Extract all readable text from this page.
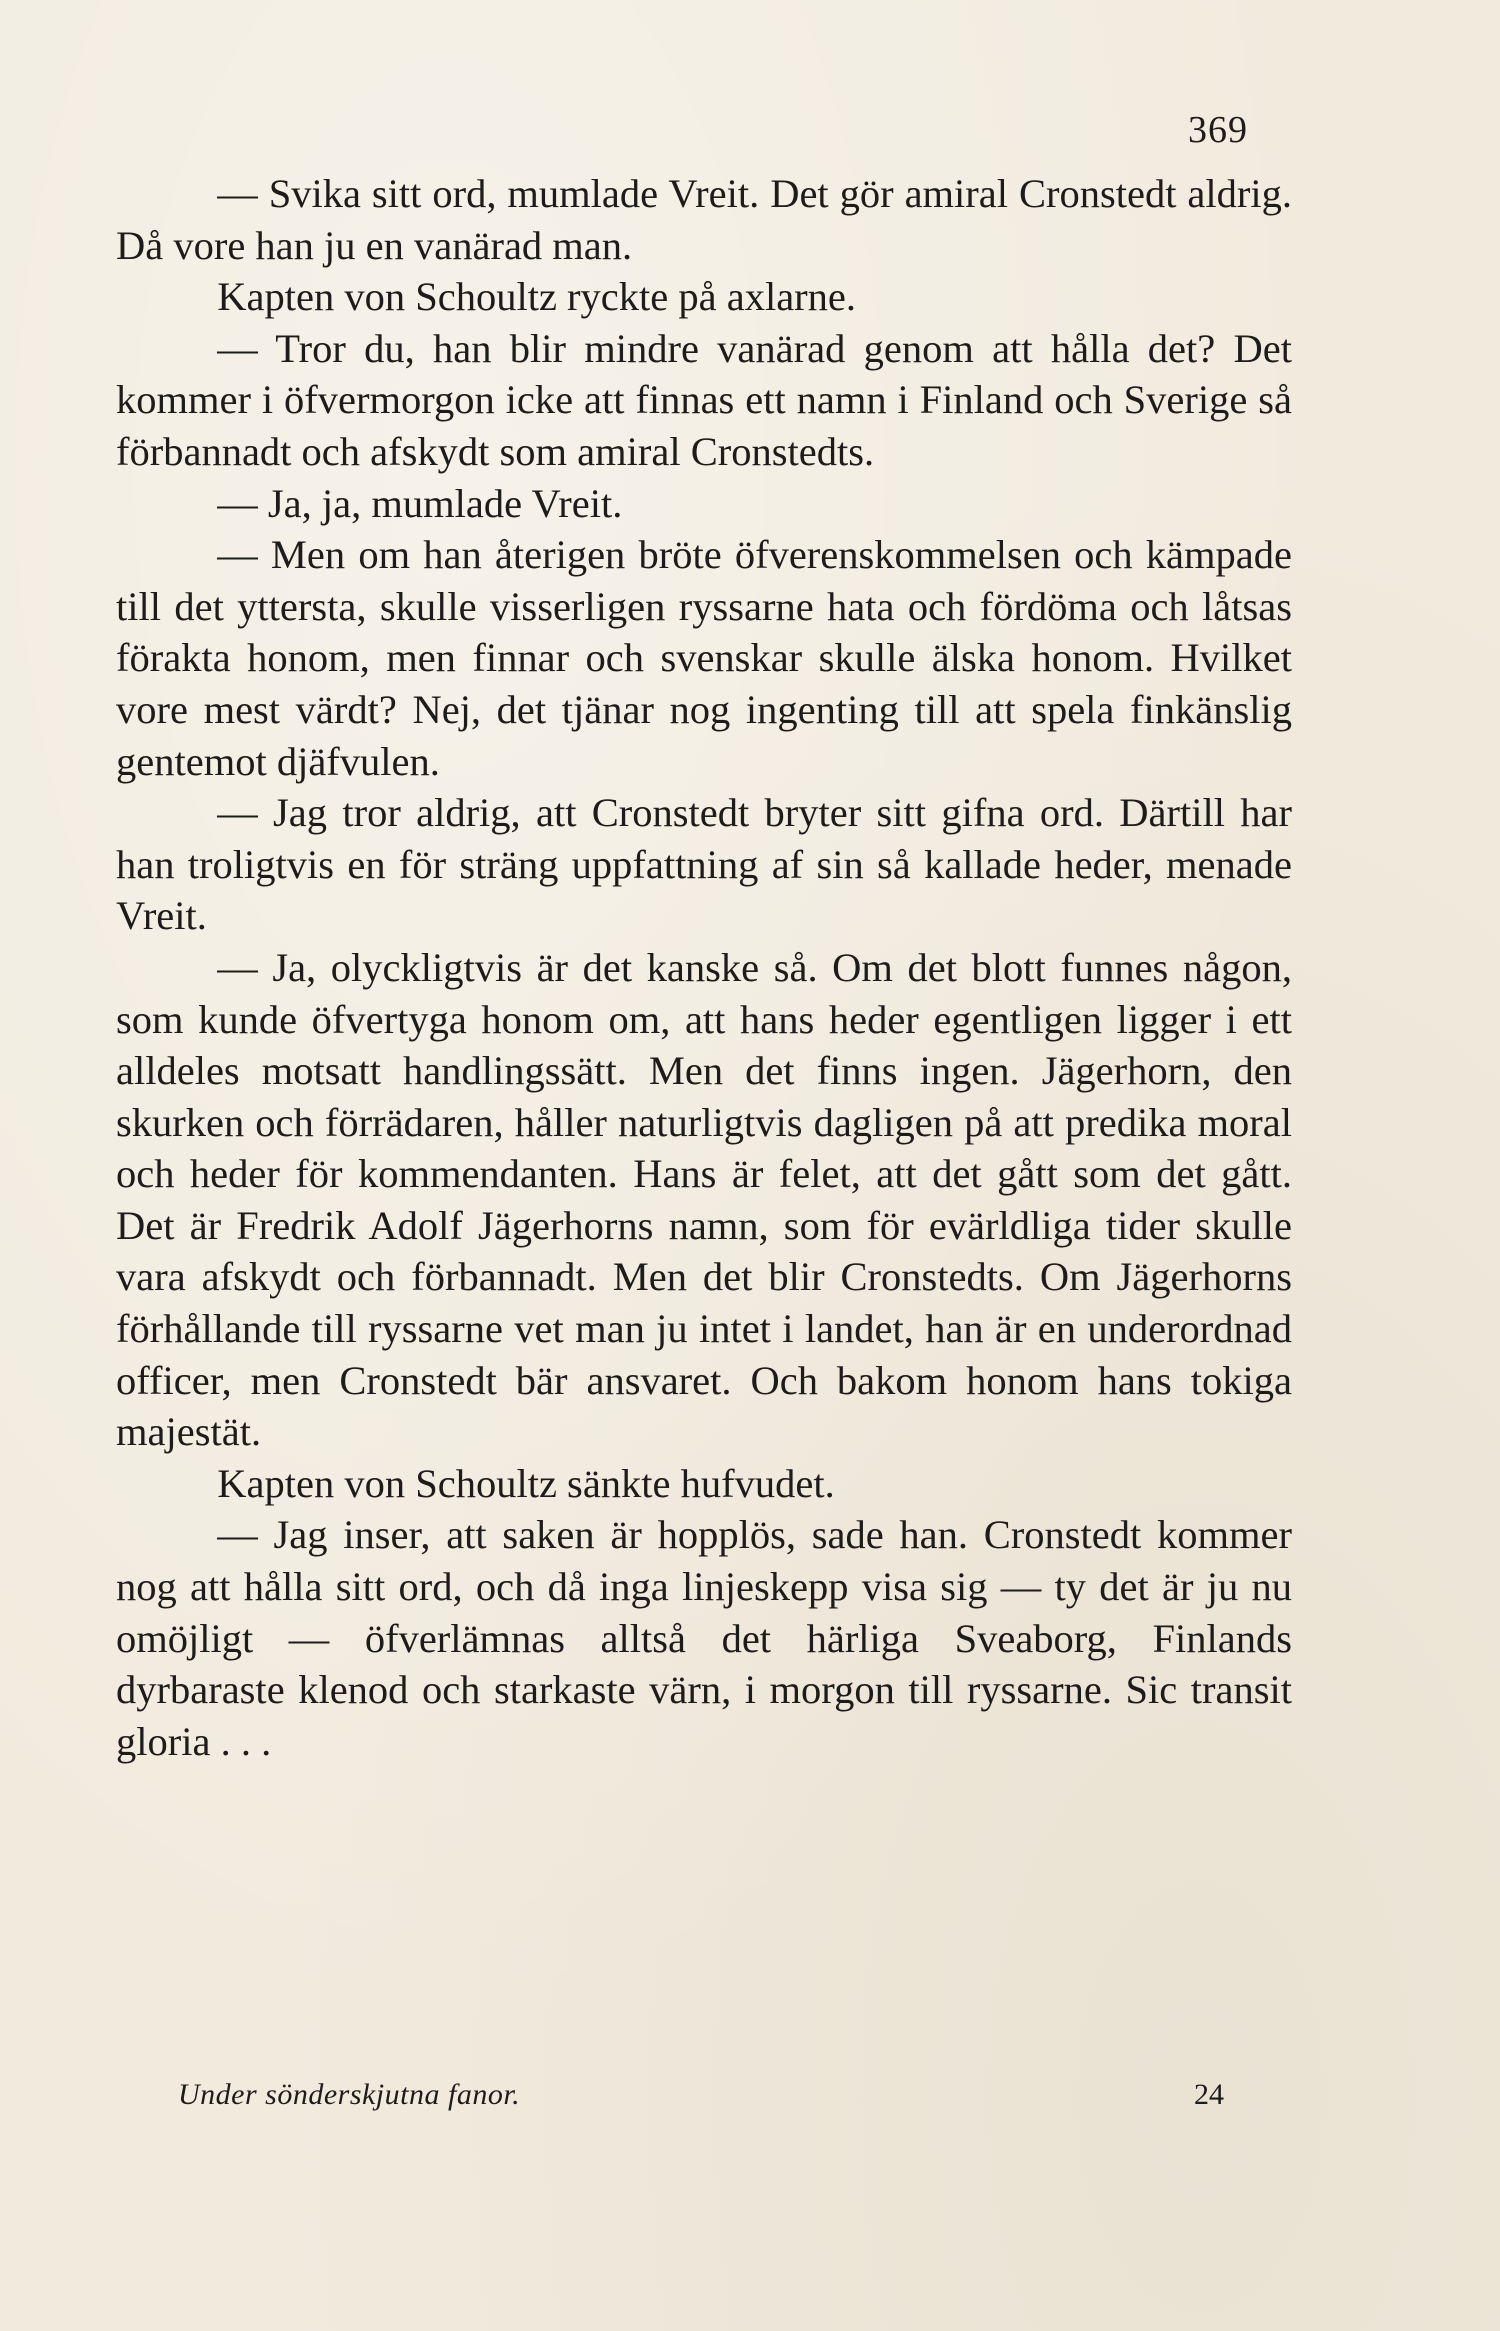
369

— Svika sitt ord, mumlade Vreit. Det gör amiral Cronstedt aldrig. Då vore han ju en vanärad man.

Kapten von Schoultz ryckte på axlarne.

— Tror du, han blir mindre vanärad genom att hålla det? Det kommer i öfvermorgon icke att finnas ett namn i Finland och Sverige så förbannadt och afskydt som amiral Cronstedts.

— Ja, ja, mumlade Vreit.

— Men om han återigen bröte öfverenskommelsen och kämpade till det yttersta, skulle visserligen ryssarne hata och fördöma och låtsas förakta honom, men finnar och svenskar skulle älska honom. Hvilket vore mest värdt? Nej, det tjänar nog ingenting till att spela finkänslig gentemot djäfvulen.

— Jag tror aldrig, att Cronstedt bryter sitt gifna ord. Därtill har han troligtvis en för sträng uppfattning af sin så kallade heder, menade Vreit.

— Ja, olyckligtvis är det kanske så. Om det blott funnes någon, som kunde öfvertyga honom om, att hans heder egentligen ligger i ett alldeles motsatt handlingssätt. Men det finns ingen. Jägerhorn, den skurken och förrädaren, håller naturligtvis dagligen på att predika moral och heder för kommendanten. Hans är felet, att det gått som det gått. Det är Fredrik Adolf Jägerhorns namn, som för evärldliga tider skulle vara afskydt och förbannadt. Men det blir Cronstedts. Om Jägerhorns förhållande till ryssarne vet man ju intet i landet, han är en underordnad officer, men Cronstedt bär ansvaret. Och bakom honom hans tokiga majestät.

Kapten von Schoultz sänkte hufvudet.

— Jag inser, att saken är hopplös, sade han. Cronstedt kommer nog att hålla sitt ord, och då inga linjeskepp visa sig — ty det är ju nu omöjligt — öfverlämnas alltså det härliga Sveaborg, Finlands dyrbaraste klenod och starkaste värn, i morgon till ryssarne. Sic transit gloria . . .

Under sönderskjutna fanor.	24
